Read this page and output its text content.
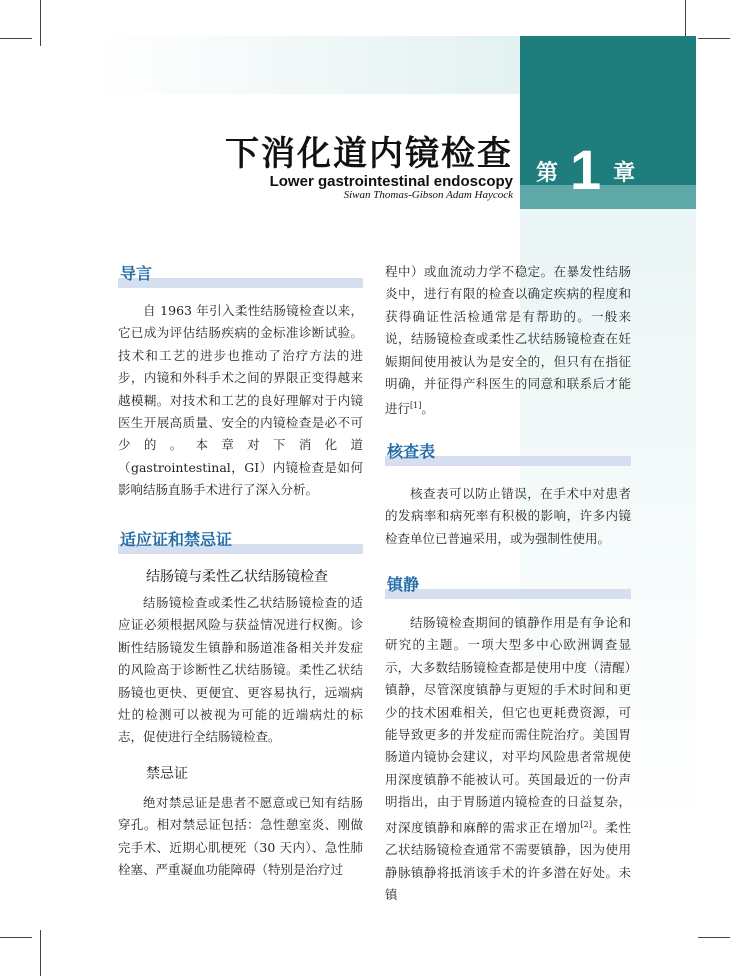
第 1 章
下消化道内镜检查

Lower gastrointestinal endoscopy

Siwan Thomas-Gibson Adam Haycock

导言

自 1963 年引入柔性结肠镜检查以来，它已成为评估结肠疾病的金标准诊断试验。技术和工艺的进步也推动了治疗方法的进步，内镜和外科手术之间的界限正变得越来越模糊。对技术和工艺的良好理解对于内镜医生开展高质量、安全的内镜检查是必不可少的。本章对下消化道（gastrointestinal，GI）内镜检查是如何影响结肠直肠手术进行了深入分析。

适应证和禁忌证

结肠镜与柔性乙状结肠镜检查

结肠镜检查或柔性乙状结肠镜检查的适应证必须根据风险与获益情况进行权衡。诊断性结肠镜发生镇静和肠道准备相关并发症的风险高于诊断性乙状结肠镜。柔性乙状结肠镜也更快、更便宜、更容易执行，远端病灶的检测可以被视为可能的近端病灶的标志，促使进行全结肠镜检查。

禁忌证

绝对禁忌证是患者不愿意或已知有结肠穿孔。相对禁忌证包括：急性憩室炎、刚做完手术、近期心肌梗死（30 天内）、急性肺栓塞、严重凝血功能障碍（特别是治疗过

程中）或血流动力学不稳定。在暴发性结肠炎中，进行有限的检查以确定疾病的程度和获得确证性活检通常是有帮助的。一般来说，结肠镜检查或柔性乙状结肠镜检查在妊娠期间使用被认为是安全的，但只有在指征明确，并征得产科医生的同意和联系后才能进行[1]。

核查表

核查表可以防止错误，在手术中对患者的发病率和病死率有积极的影响，许多内镜检查单位已普遍采用，或为强制性使用。

镇静

结肠镜检查期间的镇静作用是有争论和研究的主题。一项大型多中心欧洲调查显示，大多数结肠镜检查都是使用中度（清醒）镇静，尽管深度镇静与更短的手术时间和更少的技术困难相关，但它也更耗费资源，可能导致更多的并发症而需住院治疗。美国胃肠道内镜协会建议，对平均风险患者常规使用深度镇静不能被认可。英国最近的一份声明指出，由于胃肠道内镜检查的日益复杂，对深度镇静和麻醉的需求正在增加[2]。柔性乙状结肠镜检查通常不需要镇静，因为使用静脉镇静将抵消该手术的许多潜在好处。未镇
